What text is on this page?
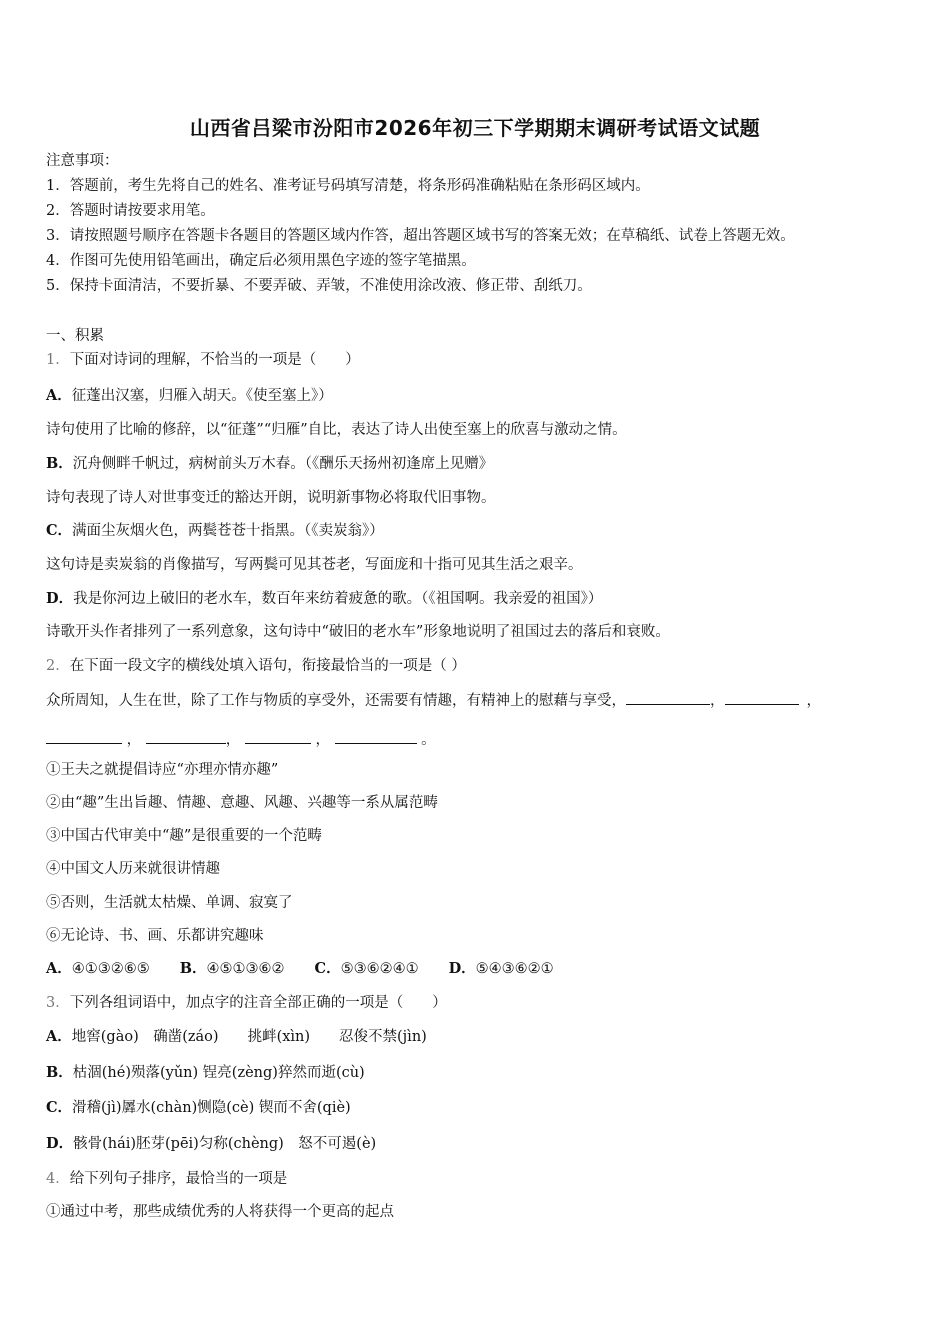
山西省吕梁市汾阳市2026年初三下学期期末调研考试语文试题
注意事项：
1．答题前，考生先将自己的姓名、准考证号码填写清楚，将条形码准确粘贴在条形码区域内。
2．答题时请按要求用笔。
3．请按照题号顺序在答题卡各题目的答题区域内作答，超出答题区域书写的答案无效；在草稿纸、试卷上答题无效。
4．作图可先使用铅笔画出，确定后必须用黑色字迹的签字笔描黑。
5．保持卡面清洁，不要折暴、不要弄破、弄皱，不准使用涂改液、修正带、刮纸刀。
一、积累
1．下面对诗词的理解，不恰当的一项是（　　）
A．征蓬出汉塞，归雁入胡天。《使至塞上》）
诗句使用了比喻的修辞，以“征蓬”“归雁”自比，表达了诗人出使至塞上的欣喜与激动之情。
B．沉舟侧畔千帆过，病树前头万木春。（《酬乐天扬州初逢席上见赠》
诗句表现了诗人对世事变迁的豁达开朗，说明新事物必将取代旧事物。
C．满面尘灰烟火色，两鬓苍苍十指黑。（《卖炭翁》）
这句诗是卖炭翁的肖像描写，写两鬓可见其苍老，写面庞和十指可见其生活之艰辛。
D．我是你河边上破旧的老水车，数百年来纺着疲惫的歌。（《祖国啊。我亲爱的祖国》）
诗歌开头作者排列了一系列意象，这句诗中“破旧的老水车”形象地说明了祖国过去的落后和衰败。
2．在下面一段文字的横线处填入语句，衔接最恰当的一项是（ ）
众所周知，人生在世，除了工作与物质的享受外，还需要有情趣，有精神上的慰藉与享受，	，	，
，	，	，	。
①王夫之就提倡诗应“亦理亦情亦趣”
②由“趣”生出旨趣、情趣、意趣、风趣、兴趣等一系从属范畴
③中国古代审美中“趣”是很重要的一个范畴
④中国文人历来就很讲情趣
⑤否则，生活就太枯燥、单调、寂寞了
⑥无论诗、书、画、乐都讲究趣味
A．④①③②⑥⑤ B．④⑤①③⑥② C．⑤③⑥②④① D．⑤④③⑥②①
3．下列各组词语中，加点字的注音全部正确的一项是（　　）
A．地窖(gào)　确凿(záo)　　挑衅(xìn)　　忍俊不禁(jìn)
B．枯涸(hé)殒落(yǔn) 锃亮(zèng)猝然而逝(cù)
C．滑稽(jì)羼水(chàn)恻隐(cè) 锲而不舍(qiè)
D．骸骨(hái)胚芽(pēi)匀称(chèng)　怒不可遏(è)
4．给下列句子排序，最恰当的一项是
①通过中考，那些成绩优秀的人将获得一个更高的起点
